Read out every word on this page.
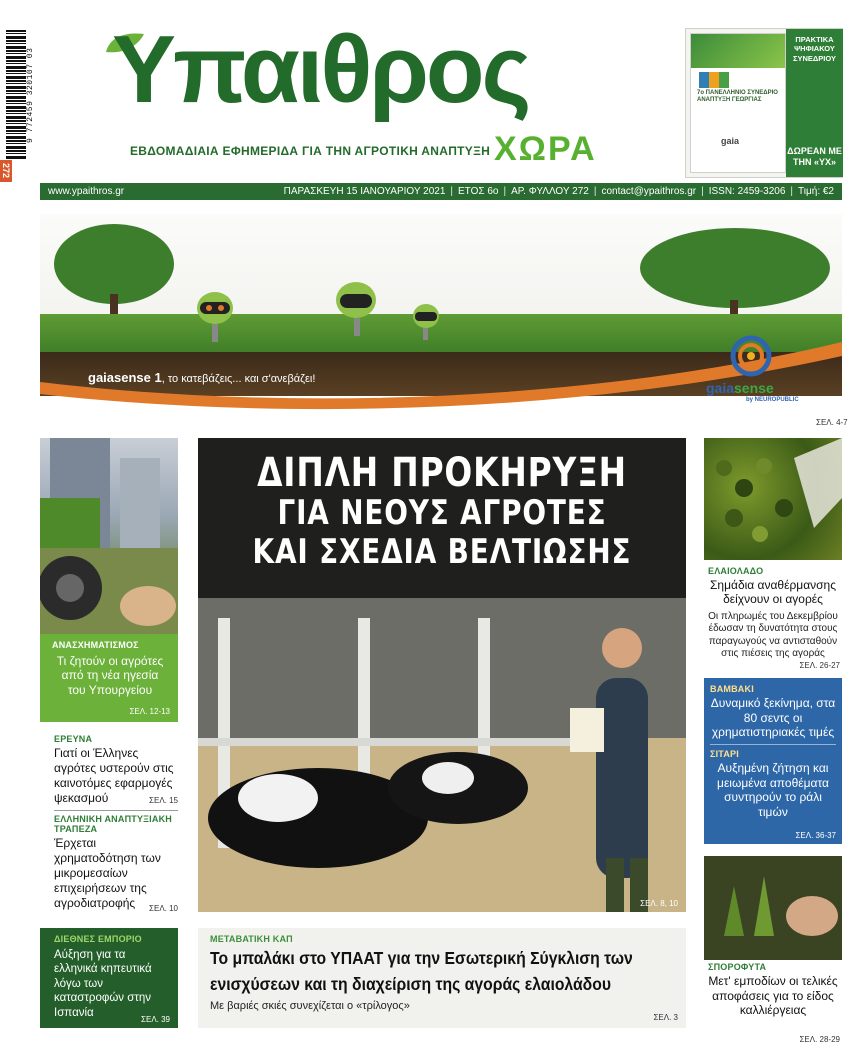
9 772459 320107 03
272
Υπαιθρος
ΕΒΔΟΜΑΔΙΑΙΑ ΕΦΗΜΕΡΙΔΑ ΓΙΑ ΤΗΝ ΑΓΡΟΤΙΚΗ ΑΝΑΠΤΥΞΗ ΧΩΡΑ
7ο ΠΑΝΕΛΛΗΝΙΟ ΣΥΝΕΔΡΙΟ ΑΝΑΠΤΥΞΗ ΓΕΩΡΓΙΑΣ
gaia
ΠΡΑΚΤΙΚΑ ΨΗΦΙΑΚΟΥ ΣΥΝΕΔΡΙΟΥ
ΔΩΡΕΑΝ ΜΕ ΤΗΝ «ΥΧ»
www.ypaithros.gr	ΠΑΡΑΣΚΕΥΗ 15 ΙΑΝΟΥΑΡΙΟΥ 2021 | ΕΤΟΣ 6ο | ΑΡ. ΦΥΛΛΟΥ 272 | contact@ypaithros.gr | ISSN: 2459-3206 | Τιμή: €2
gaiasense 1, το κατεβάζεις... και σ'ανεβάζει!
gaiasense
by NEUROPUBLIC
ΣΕΛ. 4-7
ΑΝΑΣΧΗΜΑΤΙΣΜΟΣ
Τι ζητούν οι αγρότες από τη νέα ηγεσία του Υπουργείου
ΣΕΛ. 12-13
ΕΡΕΥΝΑ
Γιατί οι Έλληνες αγρότες υστερούν στις καινοτόμες εφαρμογές ψεκασμού	ΣΕΛ. 15
ΕΛΛΗΝΙΚΗ ΑΝΑΠΤΥΞΙΑΚΗ
ΤΡΑΠΕΖΑ
Έρχεται χρηματοδότηση των μικρομεσαίων επιχειρήσεων της αγροδιατροφής	ΣΕΛ. 10
ΔΙΕΘΝΕΣ ΕΜΠΟΡΙΟ
Αύξηση για τα ελληνικά κηπευτικά λόγω των καταστροφών στην Ισπανία
ΣΕΛ. 39
ΔΙΠΛΗ ΠΡΟΚΗΡΥΞΗ
ΓΙΑ ΝΕΟΥΣ ΑΓΡΟΤΕΣ
ΚΑΙ ΣΧΕΔΙΑ ΒΕΛΤΙΩΣΗΣ
ΣΕΛ. 8, 10
ΜΕΤΑΒΑΤΙΚΗ ΚΑΠ
Το μπαλάκι στο ΥΠΑΑΤ για την Εσωτερική Σύγκλιση των
ενισχύσεων και τη διαχείριση της αγοράς ελαιολάδου
Με βαριές σκιές συνεχίζεται ο «τρίλογος»
ΣΕΛ. 3
ΕΛΑΙΟΛΑΔΟ
Σημάδια αναθέρμανσης δείχνουν οι αγορές
Οι πληρωμές του Δεκεμβρίου έδωσαν τη δυνατότητα στους παραγωγούς να αντισταθούν στις πιέσεις της αγοράς
ΣΕΛ. 26-27
ΒΑΜΒΑΚΙ
Δυναμικό ξεκίνημα, στα 80 σεντς οι χρηματιστηριακές τιμές
ΣΙΤΑΡΙ
Αυξημένη ζήτηση και μειωμένα αποθέματα συντηρούν το ράλι τιμών
ΣΕΛ. 36-37
ΣΠΟΡΟΦΥΤΑ
Μετ' εμποδίων οι τελικές αποφάσεις για το είδος καλλιέργειας
ΣΕΛ. 28-29
